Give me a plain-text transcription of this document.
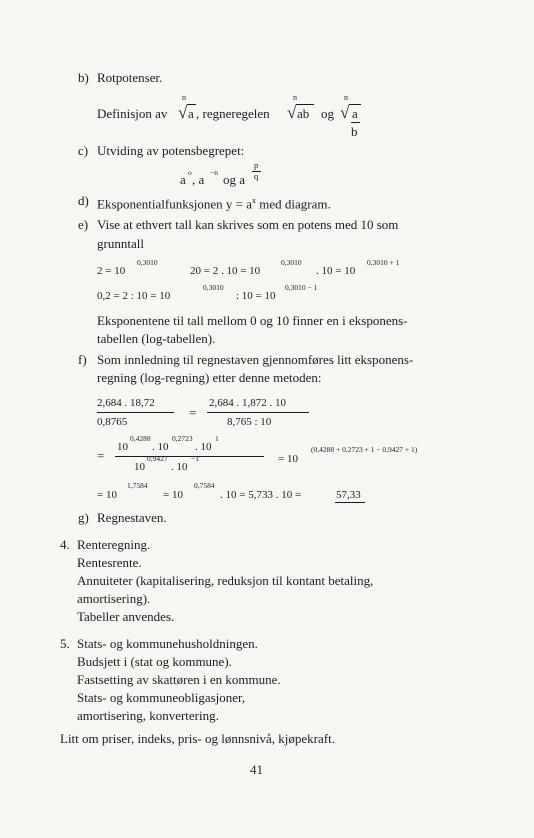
b) Rotpotenser.
Definisjon av
n
√ a , regneregelen
n
√ ab og
n
√ a
b
c) Utviding av potensbegrepet:
a o , a −n og a
p
q
d) Eksponentialfunksjonen $y = a^x$ med diagram.
e) Vise at ethvert tall kan skrives som en potens med 10 som
grunntall
2 = 10
0,3010
20 = 2 . 10 = 10
0,3010
. 10 = 10
0,3010 + 1
0,2 = 2 : 10 = 10
0,3010
: 10 = 10
0,3010 − 1
Eksponentene til tall mellom 0 og 10 finner en i eksponens-
tabellen (log-tabellen).
f) Som innledning til regnestaven gjennomføres litt eksponens-
regning (log-regning) etter denne metoden:
2,684 . 18,72
0,8765
=
2,684 . 1,872 . 10
8,765 : 10
=
10
0,4288
. 10
0,2723
. 10
1
10
0,9427
. 10
−1	= 10
(0,4288 + 0,2723 + 1 − 0,9427 + 1)
= 10
1,7584
= 10
0,7584
. 10 = 5,733 . 10 =	57,33
g) Regnestaven.
4. Renteregning.
Rentesrente.
Annuiteter (kapitalisering, reduksjon til kontant betaling,
amortisering).
Tabeller anvendes.
5. Stats- og kommunehusholdningen.
Budsjett i (stat og kommune).
Fastsetting av skattøren i en kommune.
Stats- og kommuneobligasjoner,
amortisering, konvertering.
Litt om priser, indeks, pris- og lønnsnivå, kjøpekraft.
41
